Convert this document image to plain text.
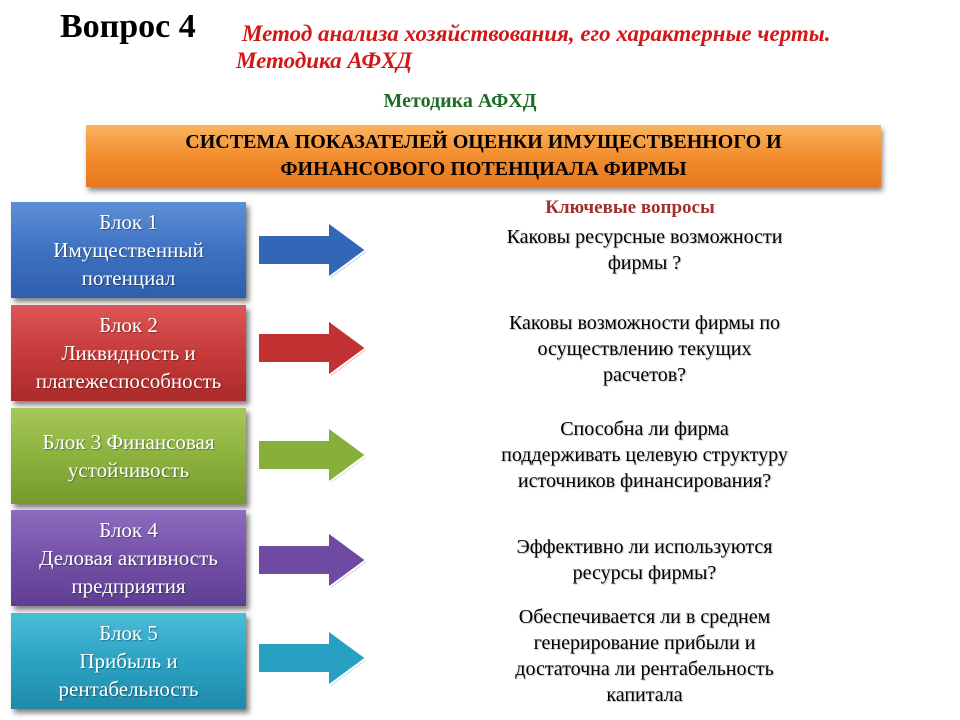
Вопрос 4 Метод анализа хозяйствования, его характерные черты.
Методика АФХД
Методика АФХД
СИСТЕМА ПОКАЗАТЕЛЕЙ ОЦЕНКИ ИМУЩЕСТВЕННОГО И
ФИНАНСОВОГО ПОТЕНЦИАЛА ФИРМЫ
Ключевые вопросы
Блок 1
Имущественный
потенциал
Каковы ресурсные возможности
фирмы ?
Блок 2
Ликвидность и
платежеспособность
Каковы возможности фирмы по
осуществлению текущих
расчетов?
Блок 3 Финансовая
устойчивость
Способна ли фирма
поддерживать целевую структуру
источников финансирования?
Блок 4
Деловая активность
предприятия
Эффективно ли используются
ресурсы фирмы?
Блок 5
Прибыль и
рентабельность
Обеспечивается ли в среднем
генерирование прибыли и
достаточна ли рентабельность
капитала
